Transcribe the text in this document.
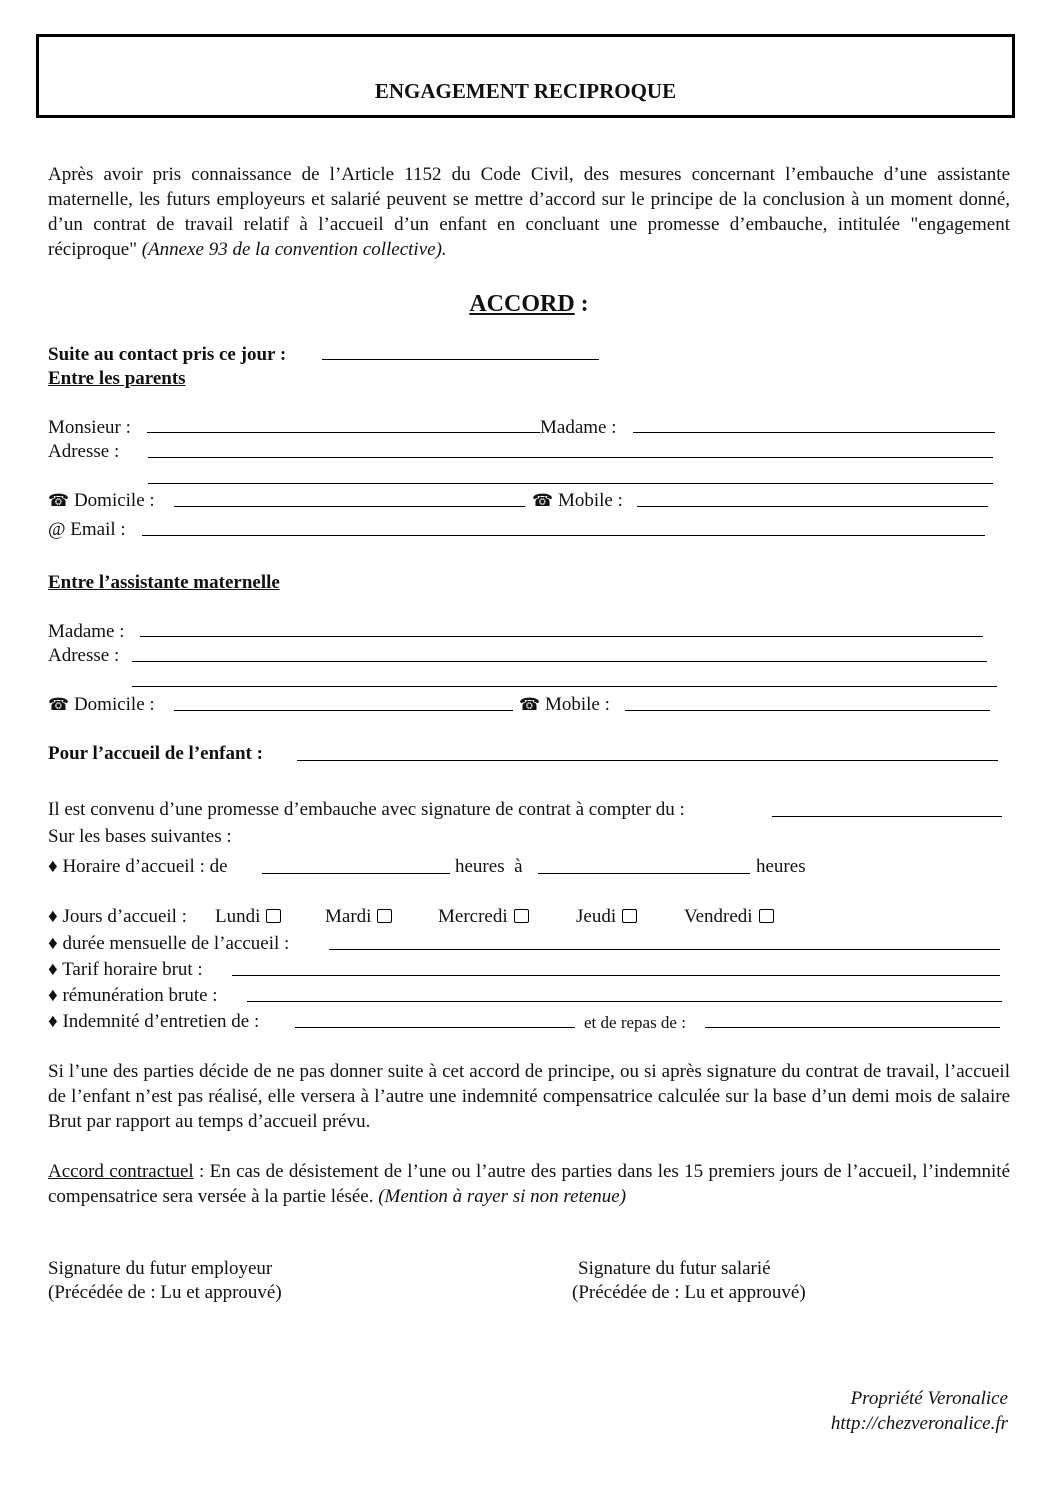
ENGAGEMENT RECIPROQUE
Après avoir pris connaissance de l’Article 1152 du Code Civil, des mesures concernant l’embauche d’une assistante maternelle, les futurs employeurs et salarié peuvent se mettre d’accord sur le principe de la conclusion à un moment donné, d’un contrat de travail relatif à l’accueil d’un enfant en concluant une promesse d’embauche, intitulée "engagement réciproque" (Annexe 93 de la convention collective).
ACCORD :
Suite au contact pris ce jour :
Entre les parents
Monsieur :	Madame :
Adresse :
☎ Domicile :	☎ Mobile :
@ Email :
Entre l’assistante maternelle
Madame :
Adresse :
☎ Domicile :	☎ Mobile :
Pour l’accueil de l’enfant :
Il est convenu d’une promesse d’embauche avec signature de contrat à compter du :
Sur les bases suivantes :
♦ Horaire d’accueil : de	heures  à	heures
♦ Jours d’accueil : Lundi	Mardi	Mercredi	Jeudi	Vendredi
♦ durée mensuelle de l’accueil :
♦ Tarif horaire brut :
♦ rémunération brute :
♦ Indemnité d’entretien de :	et de repas de :
Si l’une des parties décide de ne pas donner suite à cet accord de principe, ou si après signature du contrat de travail, l’accueil de l’enfant n’est pas réalisé, elle versera à l’autre une indemnité compensatrice calculée sur la base d’un demi mois de salaire Brut par rapport au temps d’accueil prévu.
Accord contractuel : En cas de désistement de l’une ou l’autre des parties dans les 15 premiers jours de l’accueil, l’indemnité compensatrice sera versée à la partie lésée. (Mention à rayer si non retenue)
Signature du futur employeur
(Précédée de : Lu et approuvé)
Signature du futur salarié
(Précédée de : Lu et approuvé)
Propriété Veronalice
http://chezveronalice.fr
